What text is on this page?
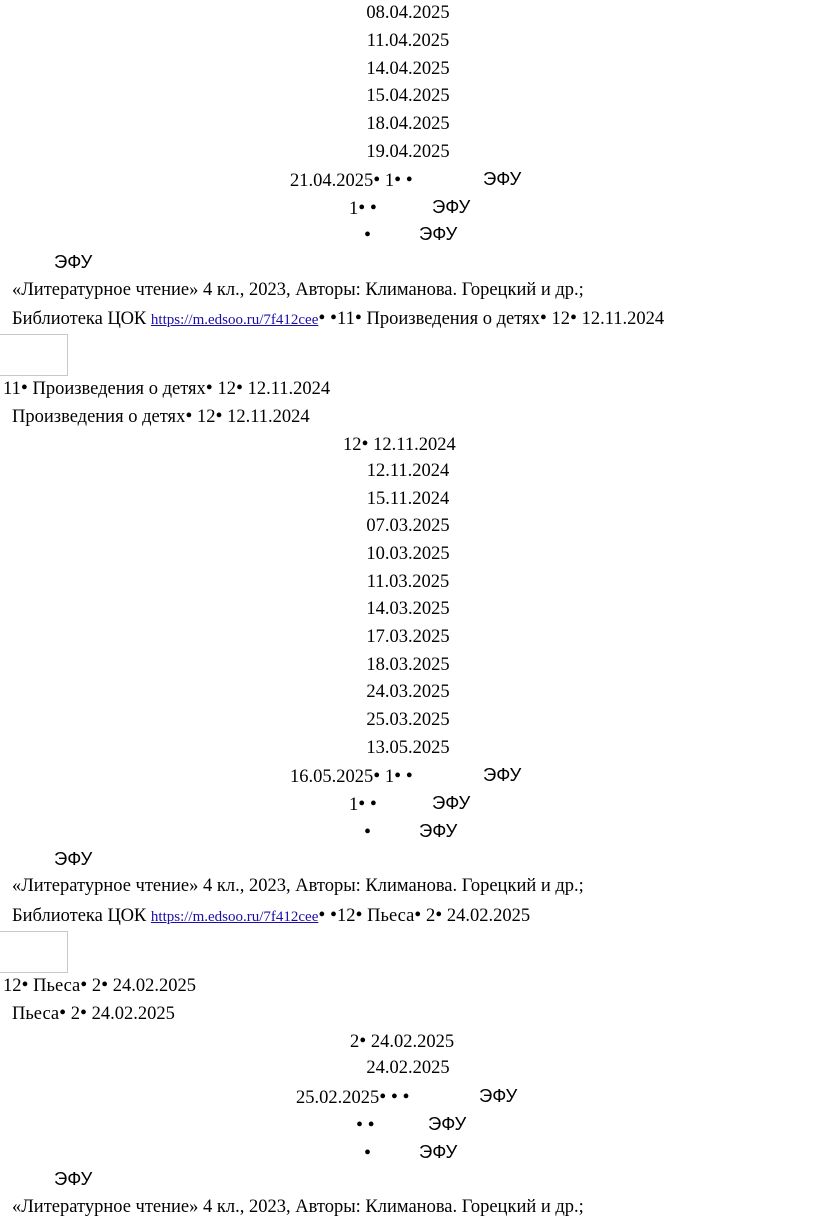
08.04.2025
11.04.2025
14.04.2025
15.04.2025
18.04.2025
19.04.2025
21.04.2025• 1• •	ЭФУ
1• •	ЭФУ
•	ЭФУ
ЭФУ
«Литературное чтение» 4 кл., 2023, Авторы: Климанова. Горецкий и др.;
Библиотека ЦОК https://m.edsoo.ru/7f412cee• •11• Произведения о детях• 12• 12.11.2024
11• Произведения о детях• 12• 12.11.2024
Произведения о детях• 12• 12.11.2024
12• 12.11.2024
12.11.2024
15.11.2024
07.03.2025
10.03.2025
11.03.2025
14.03.2025
17.03.2025
18.03.2025
24.03.2025
25.03.2025
13.05.2025
16.05.2025• 1• •	ЭФУ
1• •	ЭФУ
•	ЭФУ
ЭФУ
«Литературное чтение» 4 кл., 2023, Авторы: Климанова. Горецкий и др.;
Библиотека ЦОК https://m.edsoo.ru/7f412cee• •12• Пьеса• 2• 24.02.2025
12• Пьеса• 2• 24.02.2025
Пьеса• 2• 24.02.2025
2• 24.02.2025
24.02.2025
25.02.2025• • •	ЭФУ
• •	ЭФУ
•	ЭФУ
ЭФУ
«Литературное чтение» 4 кл., 2023, Авторы: Климанова. Горецкий и др.;
